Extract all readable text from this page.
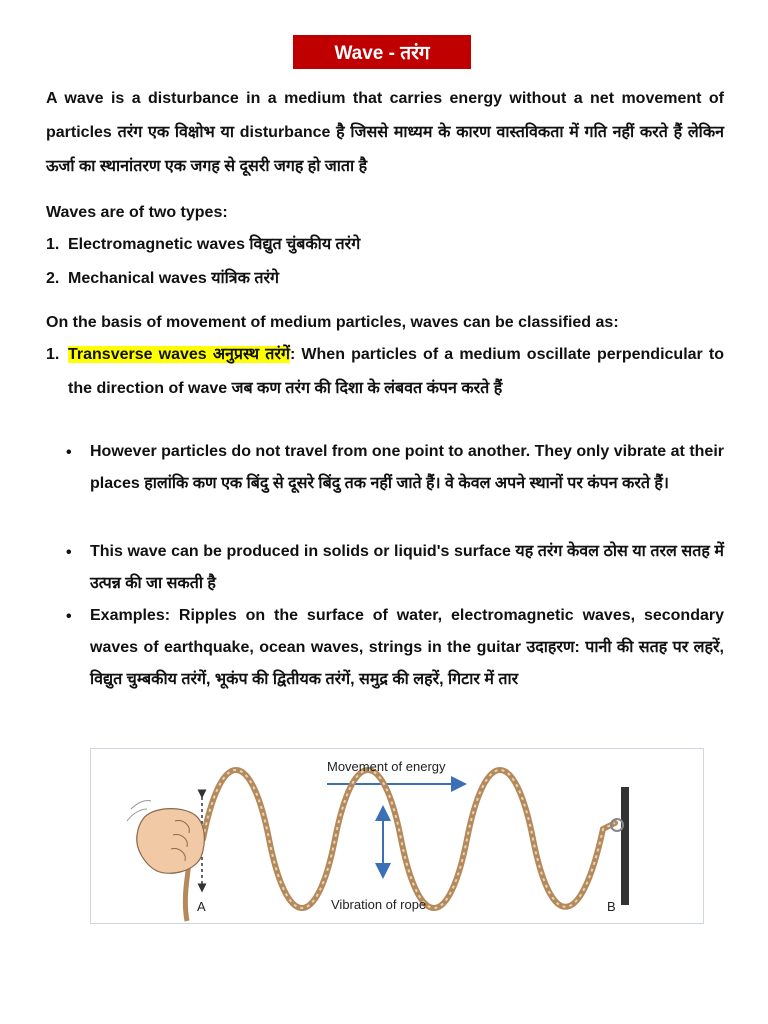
Wave - तरंग
A wave is a disturbance in a medium that carries energy without a net movement of particles तरंग एक विक्षोभ या disturbance है जिससे माध्यम के कारण वास्तविकता में गति नहीं करते हैं लेकिन ऊर्जा का स्थानांतरण एक जगह से दूसरी जगह हो जाता है
Waves are of two types:
1. Electromagnetic waves विद्युत चुंबकीय तरंगे
2. Mechanical waves यांत्रिक तरंगे
On the basis of movement of medium particles, waves can be classified as:
1. Transverse waves अनुप्रस्थ तरंगें: When particles of a medium oscillate perpendicular to the direction of wave जब कण तरंग की दिशा के लंबवत कंपन करते हैं
• However particles do not travel from one point to another. They only vibrate at their places हालांकि कण एक बिंदु से दूसरे बिंदु तक नहीं जाते हैं। वे केवल अपने स्थानों पर कंपन करते हैं।
• This wave can be produced in solids or liquid's surface यह तरंग केवल ठोस या तरल सतह में उत्पन्न की जा सकती है
• Examples: Ripples on the surface of water, electromagnetic waves, secondary waves of earthquake, ocean waves, strings in the guitar उदाहरण: पानी की सतह पर लहरें, विद्युत चुम्बकीय तरंगें, भूकंप की द्वितीयक तरंगें, समुद्र की लहरें, गिटार में तार
Movement of energy
Vibration of rope
A	B
